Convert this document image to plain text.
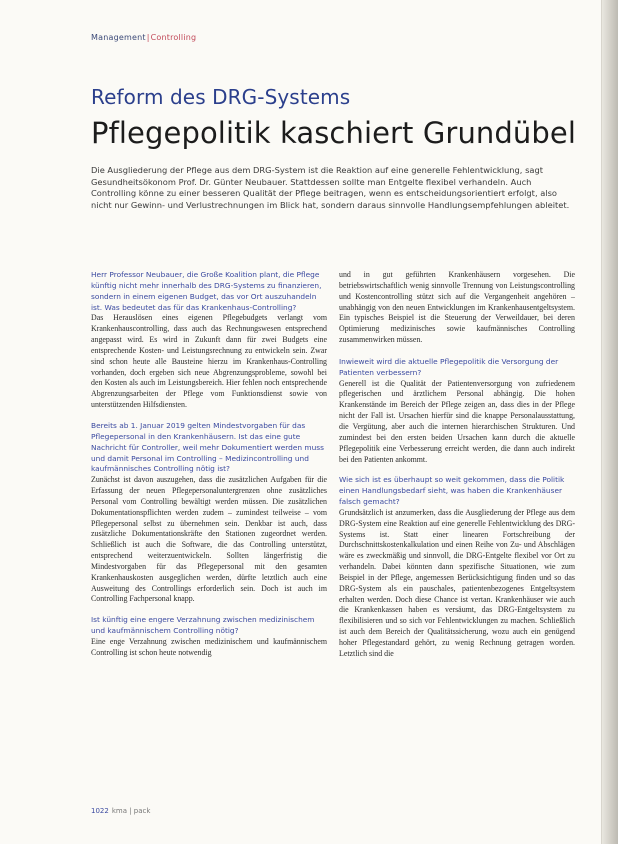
Management|Controlling
Reform des DRG-Systems
Pflegepolitik kaschiert Grundübel

Die Ausgliederung der Pflege aus dem DRG-System ist die Reaktion auf eine generelle Fehlentwicklung, sagt Gesundheitsökonom Prof. Dr. Günter Neubauer. Stattdessen sollte man Entgelte flexibel verhandeln. Auch Controlling könne zu einer besseren Qualität der Pflege beitragen, wenn es entscheidungsorientiert erfolgt, also nicht nur Gewinn- und Verlustrechnungen im Blick hat, sondern daraus sinnvolle Handlungsempfehlungen ableitet.

Herr Professor Neubauer, die Große Koalition plant, die Pflege künftig nicht mehr innerhalb des DRG-Systems zu finanzieren, sondern in einem eigenen Budget, das vor Ort auszuhandeln ist. Was bedeutet das für das Krankenhaus-Controlling?

Das Herauslösen eines eigenen Pflegebudgets verlangt vom Krankenhauscontrolling, dass auch das Rechnungswesen entsprechend angepasst wird. Es wird in Zukunft dann für zwei Budgets eine entsprechende Kosten- und Leistungsrechnung zu entwickeln sein. Zwar sind schon heute alle Bausteine hierzu im Krankenhaus-Controlling vorhanden, doch ergeben sich neue Abgrenzungsprobleme, sowohl bei den Kosten als auch im Leistungsbereich. Hier fehlen noch entsprechende Abgrenzungsarbeiten der Pflege vom Funktionsdienst sowie von unterstützenden Hilfsdiensten.

Bereits ab 1. Januar 2019 gelten Mindestvorgaben für das Pflegepersonal in den Krankenhäusern. Ist das eine gute Nachricht für Controller, weil mehr Dokumentiert werden muss und damit Personal im Controlling – Medizincontrolling und kaufmännisches Controlling nötig ist?

Zunächst ist davon auszugehen, dass die zusätzlichen Aufgaben für die Erfassung der neuen Pflegepersonaluntergrenzen ohne zusätzliches Personal vom Controlling bewältigt werden müssen. Die zusätzlichen Dokumentationspflichten werden zudem – zumindest teilweise – vom Pflegepersonal selbst zu übernehmen sein. Denkbar ist auch, dass zusätzliche Dokumentationskräfte den Stationen zugeordnet werden. Schließlich ist auch die Software, die das Controlling unterstützt, entsprechend weiterzuentwickeln. Sollten längerfristig die Mindestvorgaben für das Pflegepersonal mit den gesamten Krankenhauskosten ausgeglichen werden, dürfte letztlich auch eine Ausweitung des Controllings erforderlich sein. Doch ist auch im Controlling Fachpersonal knapp.

Ist künftig eine engere Verzahnung zwischen medizinischem und kaufmännischem Controlling nötig?

Eine enge Verzahnung zwischen medizinischem und kaufmännischem Controlling ist schon heute notwendig

und in gut geführten Krankenhäusern vorgesehen. Die betriebswirtschaftlich wenig sinnvolle Trennung von Leistungscontrolling und Kostencontrolling stützt sich auf die Vergangenheit angehören – unabhängig von den neuen Entwicklungen im Krankenhausentgeltsystem. Ein typisches Beispiel ist die Steuerung der Verweildauer, bei deren Optimierung medizinisches sowie kaufmännisches Controlling zusammenwirken müssen.

Inwieweit wird die aktuelle Pflegepolitik die Versorgung der Patienten verbessern?

Generell ist die Qualität der Patientenversorgung von zufriedenem pflegerischen und ärztlichem Personal abhängig. Die hohen Krankenstände im Bereich der Pflege zeigen an, dass dies in der Pflege nicht der Fall ist. Ursachen hierfür sind die knappe Personalausstattung, die Vergütung, aber auch die internen hierarchischen Strukturen. Und zumindest bei den ersten beiden Ursachen kann durch die aktuelle Pflegepolitik eine Verbesserung erreicht werden, die dann auch indirekt bei den Patienten ankommt.

Wie sich ist es überhaupt so weit gekommen, dass die Politik einen Handlungsbedarf sieht, was haben die Krankenhäuser falsch gemacht?

Grundsätzlich ist anzumerken, dass die Ausgliederung der Pflege aus dem DRG-System eine Reaktion auf eine generelle Fehlentwicklung des DRG-Systems ist. Statt einer linearen Fortschreibung der Durchschnittskostenkalkulation und einen Reihe von Zu- und Abschlägen wäre es zweckmäßig und sinnvoll, die DRG-Entgelte flexibel vor Ort zu verhandeln. Dabei könnten dann spezifische Situationen, wie zum Beispiel in der Pflege, angemessen Berücksichtigung finden und so das DRG-System als ein pauschales, patientenbezogenes Entgeltsystem erhalten werden. Doch diese Chance ist vertan. Krankenhäuser wie auch die Krankenkassen haben es versäumt, das DRG-Entgeltsystem zu flexibilisieren und so sich vor Fehlentwicklungen zu machen. Schließlich ist auch dem Bereich der Qualitätssicherung, wozu auch ein genügend hoher Pflegestandard gehört, zu wenig Rechnung getragen worden. Letztlich sind die

1022 kma | pack
